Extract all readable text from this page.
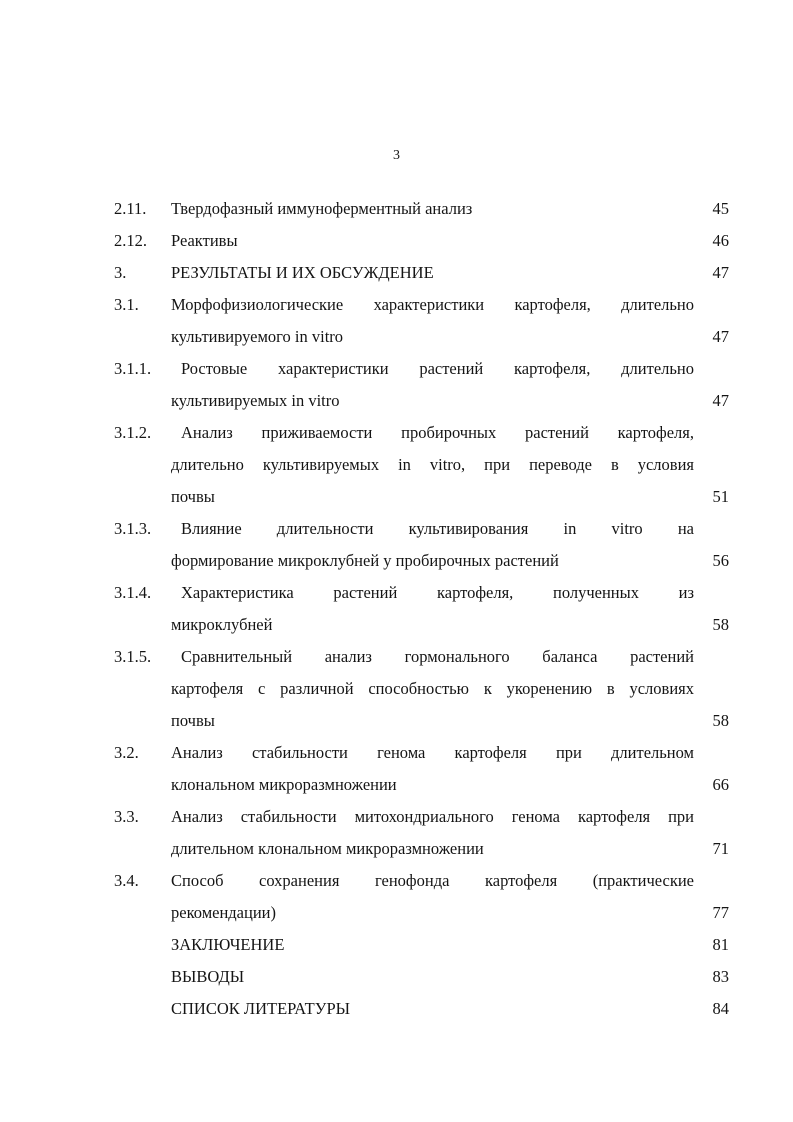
3
2.11. Твердофазный иммуноферментный анализ	45
2.12. Реактивы	46
3.	РЕЗУЛЬТАТЫ И ИХ ОБСУЖДЕНИЕ	47
3.1. Морфофизиологические характеристики картофеля, длительно
культивируемого in vitro	47
3.1.1. Ростовые характеристики растений картофеля, длительно
культивируемых in vitro	47
3.1.2. Анализ приживаемости пробирочных растений картофеля,
длительно культивируемых in vitro, при переводе в условия
почвы	51
3.1.3. Влияние длительности культивирования in vitro на
формирование микроклубней у пробирочных растений	56
3.1.4. Характеристика растений картофеля, полученных из
микроклубней	58
3.1.5. Сравнительный анализ гормонального баланса растений
картофеля с различной способностью к укоренению в условиях
почвы	58
3.2. Анализ стабильности генома картофеля при длительном
клональном микроразмножении	66
3.3. Анализ стабильности митохондриального генома картофеля при
длительном клональном микроразмножении	71
3.4. Способ сохранения генофонда картофеля (практические
рекомендации)	77
ЗАКЛЮЧЕНИЕ	81
ВЫВОДЫ	83
СПИСОК ЛИТЕРАТУРЫ	84
